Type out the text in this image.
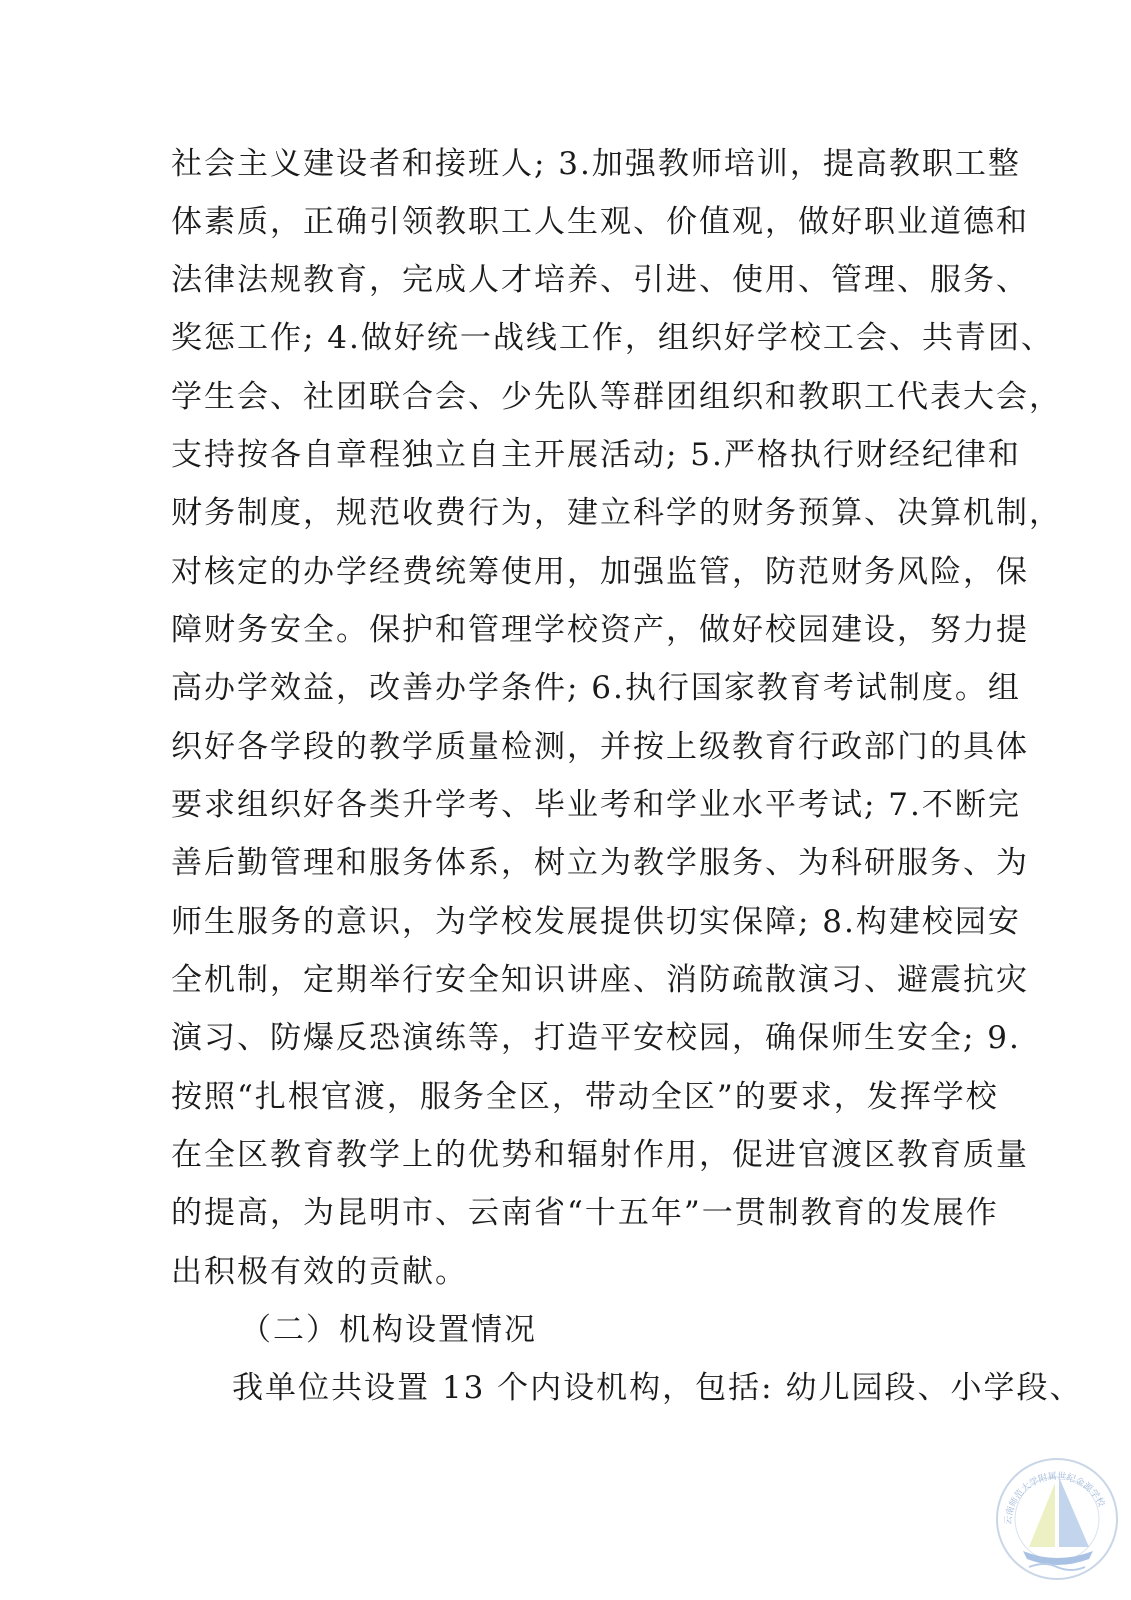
社会主义建设者和接班人; 3.加强教师培训，提高教职工整
体素质，正确引领教职工人生观、价值观，做好职业道德和
法律法规教育，完成人才培养、引进、使用、管理、服务、
奖惩工作; 4.做好统一战线工作，组织好学校工会、共青团、
学生会、社团联合会、少先队等群团组织和教职工代表大会，
支持按各自章程独立自主开展活动; 5.严格执行财经纪律和
财务制度，规范收费行为，建立科学的财务预算、决算机制，
对核定的办学经费统筹使用，加强监管，防范财务风险，保
障财务安全。保护和管理学校资产，做好校园建设，努力提
高办学效益，改善办学条件; 6.执行国家教育考试制度。组
织好各学段的教学质量检测，并按上级教育行政部门的具体
要求组织好各类升学考、毕业考和学业水平考试; 7.不断完
善后勤管理和服务体系，树立为教学服务、为科研服务、为
师生服务的意识，为学校发展提供切实保障; 8.构建校园安
全机制，定期举行安全知识讲座、消防疏散演习、避震抗灾
演习、防爆反恐演练等，打造平安校园，确保师生安全; 9.
按照“扎根官渡，服务全区，带动全区”的要求，发挥学校
在全区教育教学上的优势和辐射作用，促进官渡区教育质量
的提高，为昆明市、云南省“十五年”一贯制教育的发展作
出积极有效的贡献。
（二）机构设置情况
我单位共设置 13 个内设机构，包括: 幼儿园段、小学段、
云南师范大学附属世纪金源学校
